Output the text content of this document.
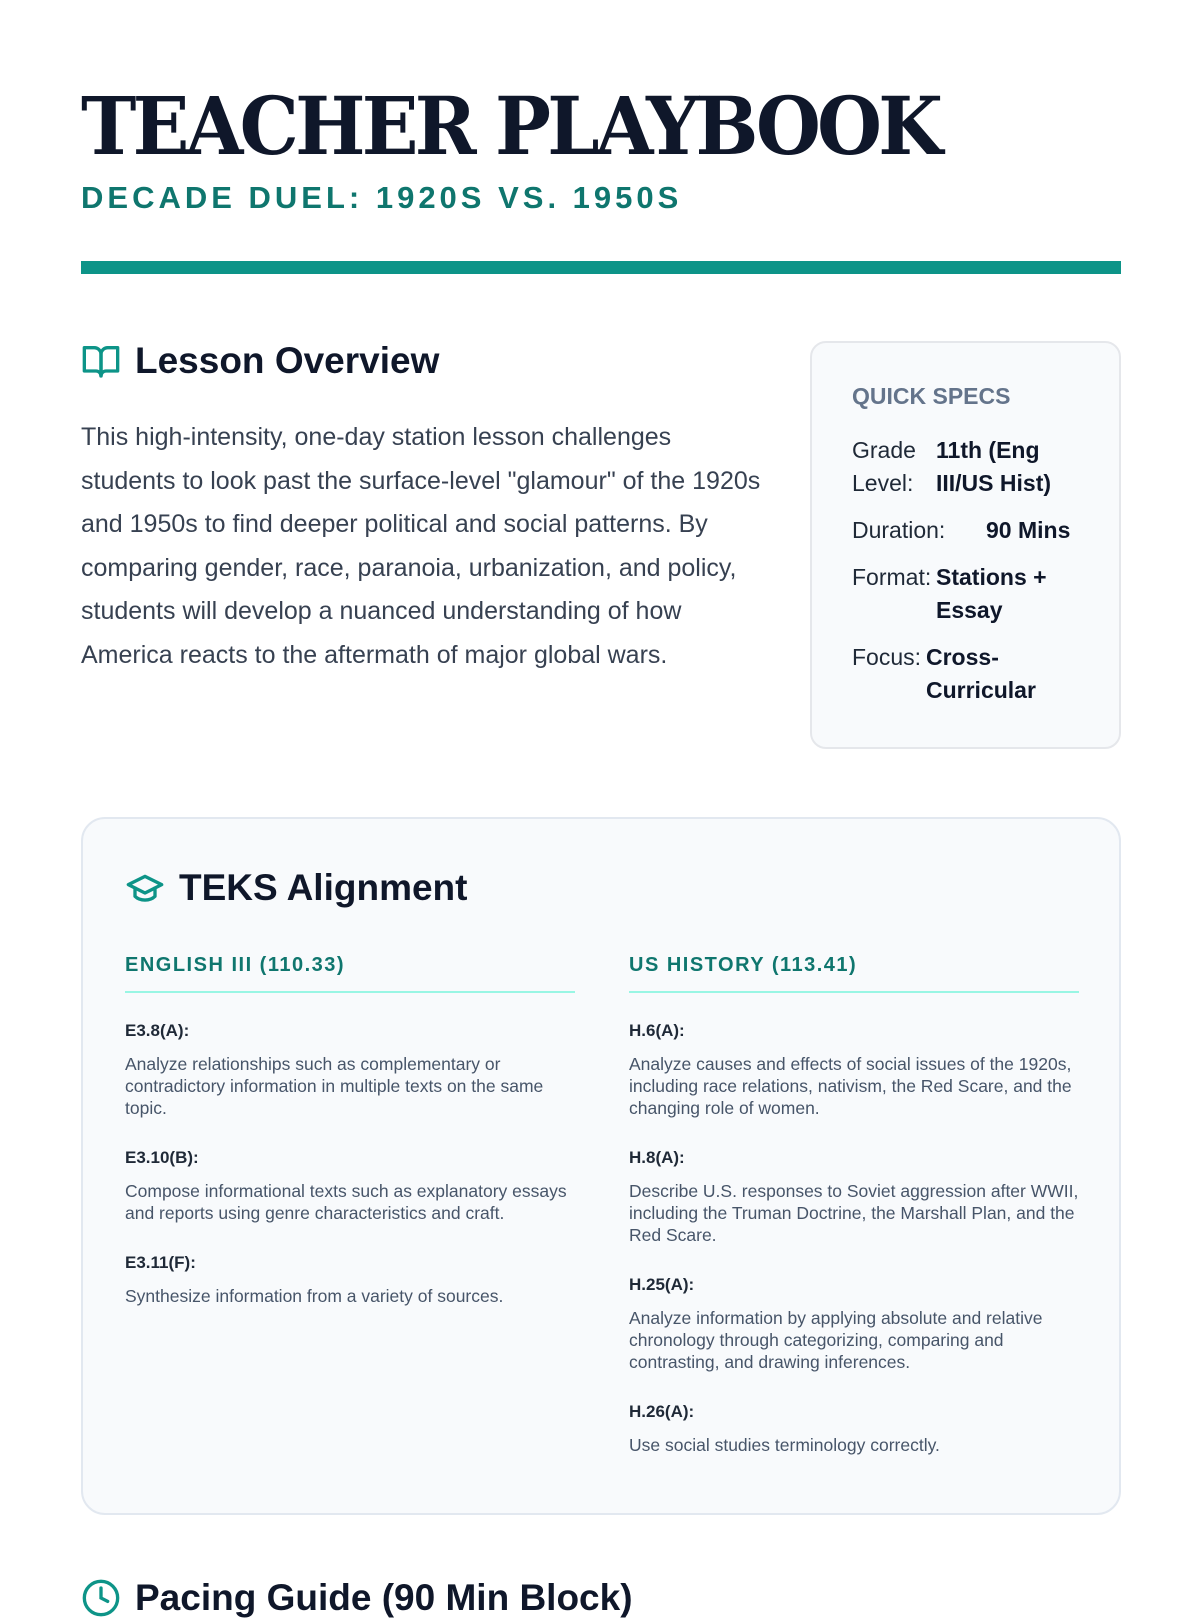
TEACHER PLAYBOOK
DECADE DUEL: 1920S VS. 1950S
Lesson Overview

This high-intensity, one-day station lesson challenges students to look past the surface-level "glamour" of the 1920s and 1950s to find deeper political and social patterns. By comparing gender, race, paranoia, urbanization, and policy, students will develop a nuanced understanding of how America reacts to the aftermath of major global wars.

QUICK SPECS
Grade Level:
11th (Eng III/US Hist)
Duration:	90 Mins
Format: Stations + Essay
Focus: Cross-Curricular
TEKS Alignment
ENGLISH III (110.33)
E3.8(A):
Analyze relationships such as complementary or contradictory information in multiple texts on the same topic.
E3.10(B):
Compose informational texts such as explanatory essays and reports using genre characteristics and craft.
E3.11(F):
Synthesize information from a variety of sources.
US HISTORY (113.41)
H.6(A):
Analyze causes and effects of social issues of the 1920s, including race relations, nativism, the Red Scare, and the changing role of women.
H.8(A):
Describe U.S. responses to Soviet aggression after WWII, including the Truman Doctrine, the Marshall Plan, and the Red Scare.
H.25(A):
Analyze information by applying absolute and relative chronology through categorizing, comparing and contrasting, and drawing inferences.
H.26(A):
Use social studies terminology correctly.
Pacing Guide (90 Min Block)
